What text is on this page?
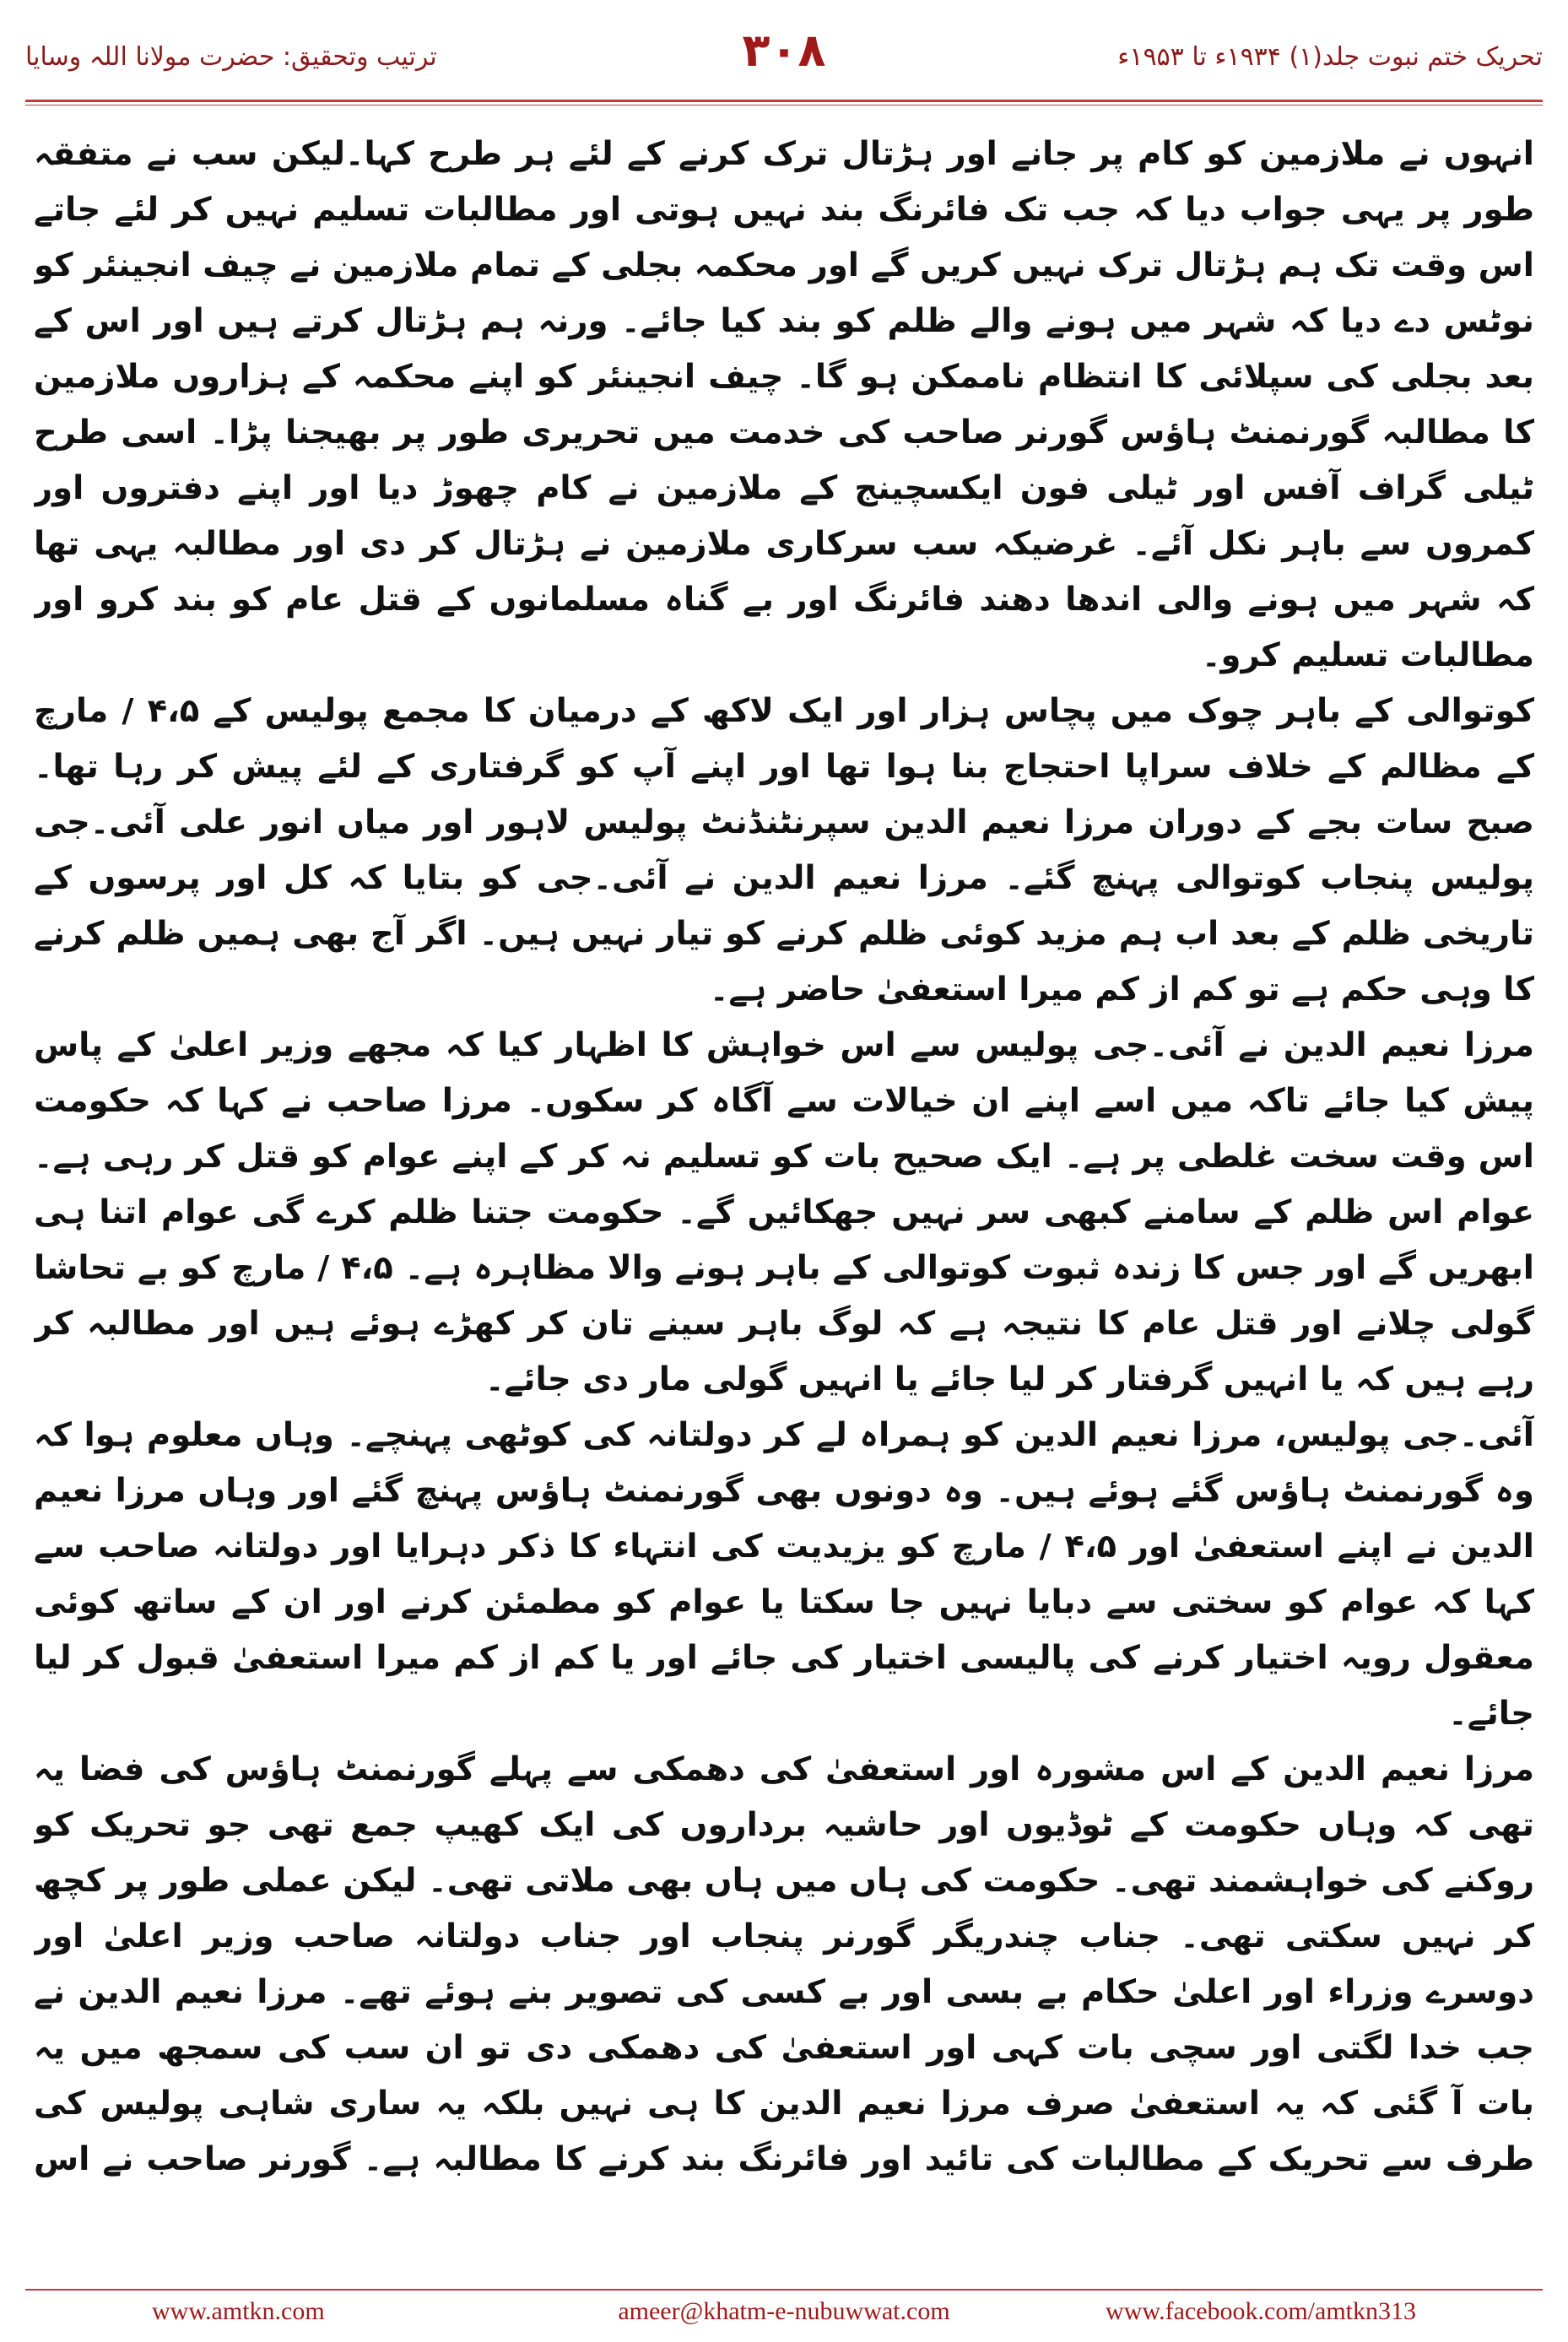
ترتیب وتحقیق: حضرت مولانا اللہ وسایا	۳۰۸	تحریک ختم نبوت جلد(۱) ۱۹۳۴ء تا ۱۹۵۳ء

انہوں نے ملازمین کو کام پر جانے اور ہڑتال ترک کرنے کے لئے ہر طرح کہا۔لیکن سب نے متفقہ طور پر یہی جواب دیا کہ جب تک فائرنگ بند نہیں ہوتی اور مطالبات تسلیم نہیں کر لئے جاتے اس وقت تک ہم ہڑتال ترک نہیں کریں گے اور محکمہ بجلی کے تمام ملازمین نے چیف انجینئر کو نوٹس دے دیا کہ شہر میں ہونے والے ظلم کو بند کیا جائے۔ ورنہ ہم ہڑتال کرتے ہیں اور اس کے بعد بجلی کی سپلائی کا انتظام ناممکن ہو گا۔ چیف انجینئر کو اپنے محکمہ کے ہزاروں ملازمین کا مطالبہ گورنمنٹ ہاؤس گورنر صاحب کی خدمت میں تحریری طور پر بھیجنا پڑا۔ اسی طرح ٹیلی گراف آفس اور ٹیلی فون ایکسچینج کے ملازمین نے کام چھوڑ دیا اور اپنے دفتروں اور کمروں سے باہر نکل آئے۔ غرضیکہ سب سرکاری ملازمین نے ہڑتال کر دی اور مطالبہ یہی تھا کہ شہر میں ہونے والی اندھا دھند فائرنگ اور بے گناہ مسلمانوں کے قتل عام کو بند کرو اور مطالبات تسلیم کرو۔

کوتوالی کے باہر چوک میں پچاس ہزار اور ایک لاکھ کے درمیان کا مجمع پولیس کے ۴،۵ / مارچ کے مظالم کے خلاف سراپا احتجاج بنا ہوا تھا اور اپنے آپ کو گرفتاری کے لئے پیش کر رہا تھا۔ صبح سات بجے کے دوران مرزا نعیم الدین سپرنٹنڈنٹ پولیس لاہور اور میاں انور علی آئی۔جی پولیس پنجاب کوتوالی پہنچ گئے۔ مرزا نعیم الدین نے آئی۔جی کو بتایا کہ کل اور پرسوں کے تاریخی ظلم کے بعد اب ہم مزید کوئی ظلم کرنے کو تیار نہیں ہیں۔ اگر آج بھی ہمیں ظلم کرنے کا وہی حکم ہے تو کم از کم میرا استعفیٰ حاضر ہے۔

مرزا نعیم الدین نے آئی۔جی پولیس سے اس خواہش کا اظہار کیا کہ مجھے وزیر اعلیٰ کے پاس پیش کیا جائے تاکہ میں اسے اپنے ان خیالات سے آگاہ کر سکوں۔ مرزا صاحب نے کہا کہ حکومت اس وقت سخت غلطی پر ہے۔ ایک صحیح بات کو تسلیم نہ کر کے اپنے عوام کو قتل کر رہی ہے۔ عوام اس ظلم کے سامنے کبھی سر نہیں جھکائیں گے۔ حکومت جتنا ظلم کرے گی عوام اتنا ہی ابھریں گے اور جس کا زندہ ثبوت کوتوالی کے باہر ہونے والا مظاہرہ ہے۔ ۴،۵ / مارچ کو بے تحاشا گولی چلانے اور قتل عام کا نتیجہ ہے کہ لوگ باہر سینے تان کر کھڑے ہوئے ہیں اور مطالبہ کر رہے ہیں کہ یا انہیں گرفتار کر لیا جائے یا انہیں گولی مار دی جائے۔

آئی۔جی پولیس، مرزا نعیم الدین کو ہمراہ لے کر دولتانہ کی کوٹھی پہنچے۔ وہاں معلوم ہوا کہ وہ گورنمنٹ ہاؤس گئے ہوئے ہیں۔ وہ دونوں بھی گورنمنٹ ہاؤس پہنچ گئے اور وہاں مرزا نعیم الدین نے اپنے استعفیٰ اور ۴،۵ / مارچ کو یزیدیت کی انتہاء کا ذکر دہرایا اور دولتانہ صاحب سے کہا کہ عوام کو سختی سے دبایا نہیں جا سکتا یا عوام کو مطمئن کرنے اور ان کے ساتھ کوئی معقول رویہ اختیار کرنے کی پالیسی اختیار کی جائے اور یا کم از کم میرا استعفیٰ قبول کر لیا جائے۔

مرزا نعیم الدین کے اس مشورہ اور استعفیٰ کی دھمکی سے پہلے گورنمنٹ ہاؤس کی فضا یہ تھی کہ وہاں حکومت کے ٹوڈیوں اور حاشیہ برداروں کی ایک کھیپ جمع تھی جو تحریک کو روکنے کی خواہشمند تھی۔ حکومت کی ہاں میں ہاں بھی ملاتی تھی۔ لیکن عملی طور پر کچھ کر نہیں سکتی تھی۔ جناب چندریگر گورنر پنجاب اور جناب دولتانہ صاحب وزیر اعلیٰ اور دوسرے وزراء اور اعلیٰ حکام بے بسی اور بے کسی کی تصویر بنے ہوئے تھے۔ مرزا نعیم الدین نے جب خدا لگتی اور سچی بات کہی اور استعفیٰ کی دھمکی دی تو ان سب کی سمجھ میں یہ بات آ گئی کہ یہ استعفیٰ صرف مرزا نعیم الدین کا ہی نہیں بلکہ یہ ساری شاہی پولیس کی طرف سے تحریک کے مطالبات کی تائید اور فائرنگ بند کرنے کا مطالبہ ہے۔ گورنر صاحب نے اس

www.amtkn.com	ameer@khatm-e-nubuwwat.com	www.facebook.com/amtkn313
